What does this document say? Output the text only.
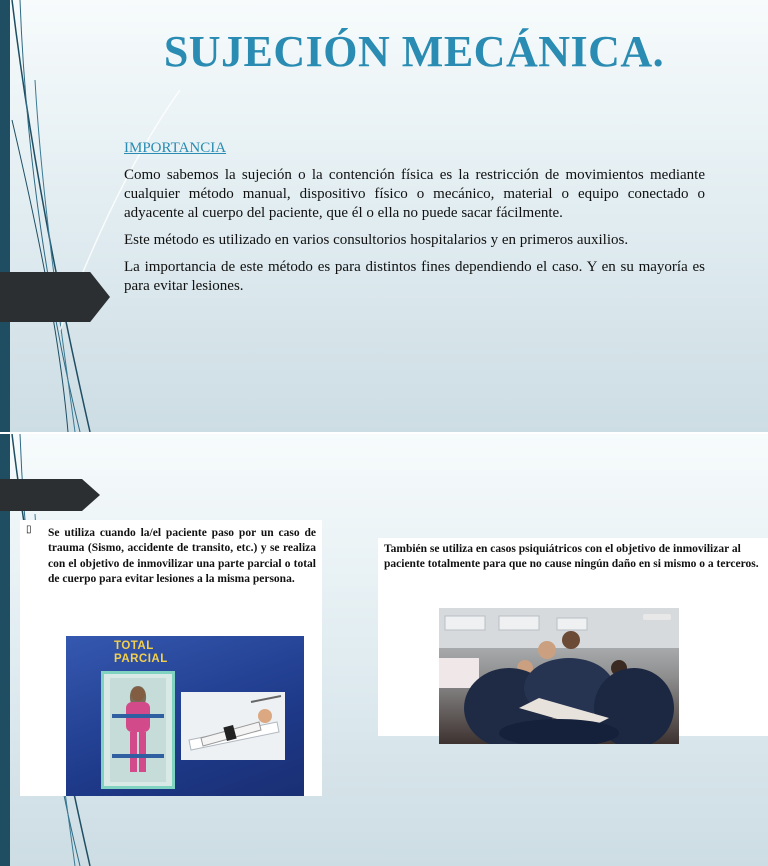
SUJECIÓN MECÁNICA.

IMPORTANCIA

Como sabemos la sujeción o la contención física es la restricción de movimientos mediante cualquier método manual, dispositivo físico o mecánico, material o equipo conectado o adyacente al cuerpo del paciente, que él o ella no puede sacar fácilmente.

Este método es utilizado en varios consultorios hospitalarios y en primeros auxilios.

La importancia de este método es para distintos fines dependiendo el caso. Y en su mayoría es para evitar lesiones.

▯ Se utiliza cuando la/el paciente paso por un caso de trauma (Sismo, accidente de transito, etc.) y se realiza con el objetivo de inmovilizar una parte parcial o total de cuerpo para evitar lesiones a la misma persona.

TOTAL
PARCIAL

También se utiliza en casos psiquiátricos con el objetivo de inmovilizar al paciente totalmente para que no cause ningún daño en si mismo o a terceros.
